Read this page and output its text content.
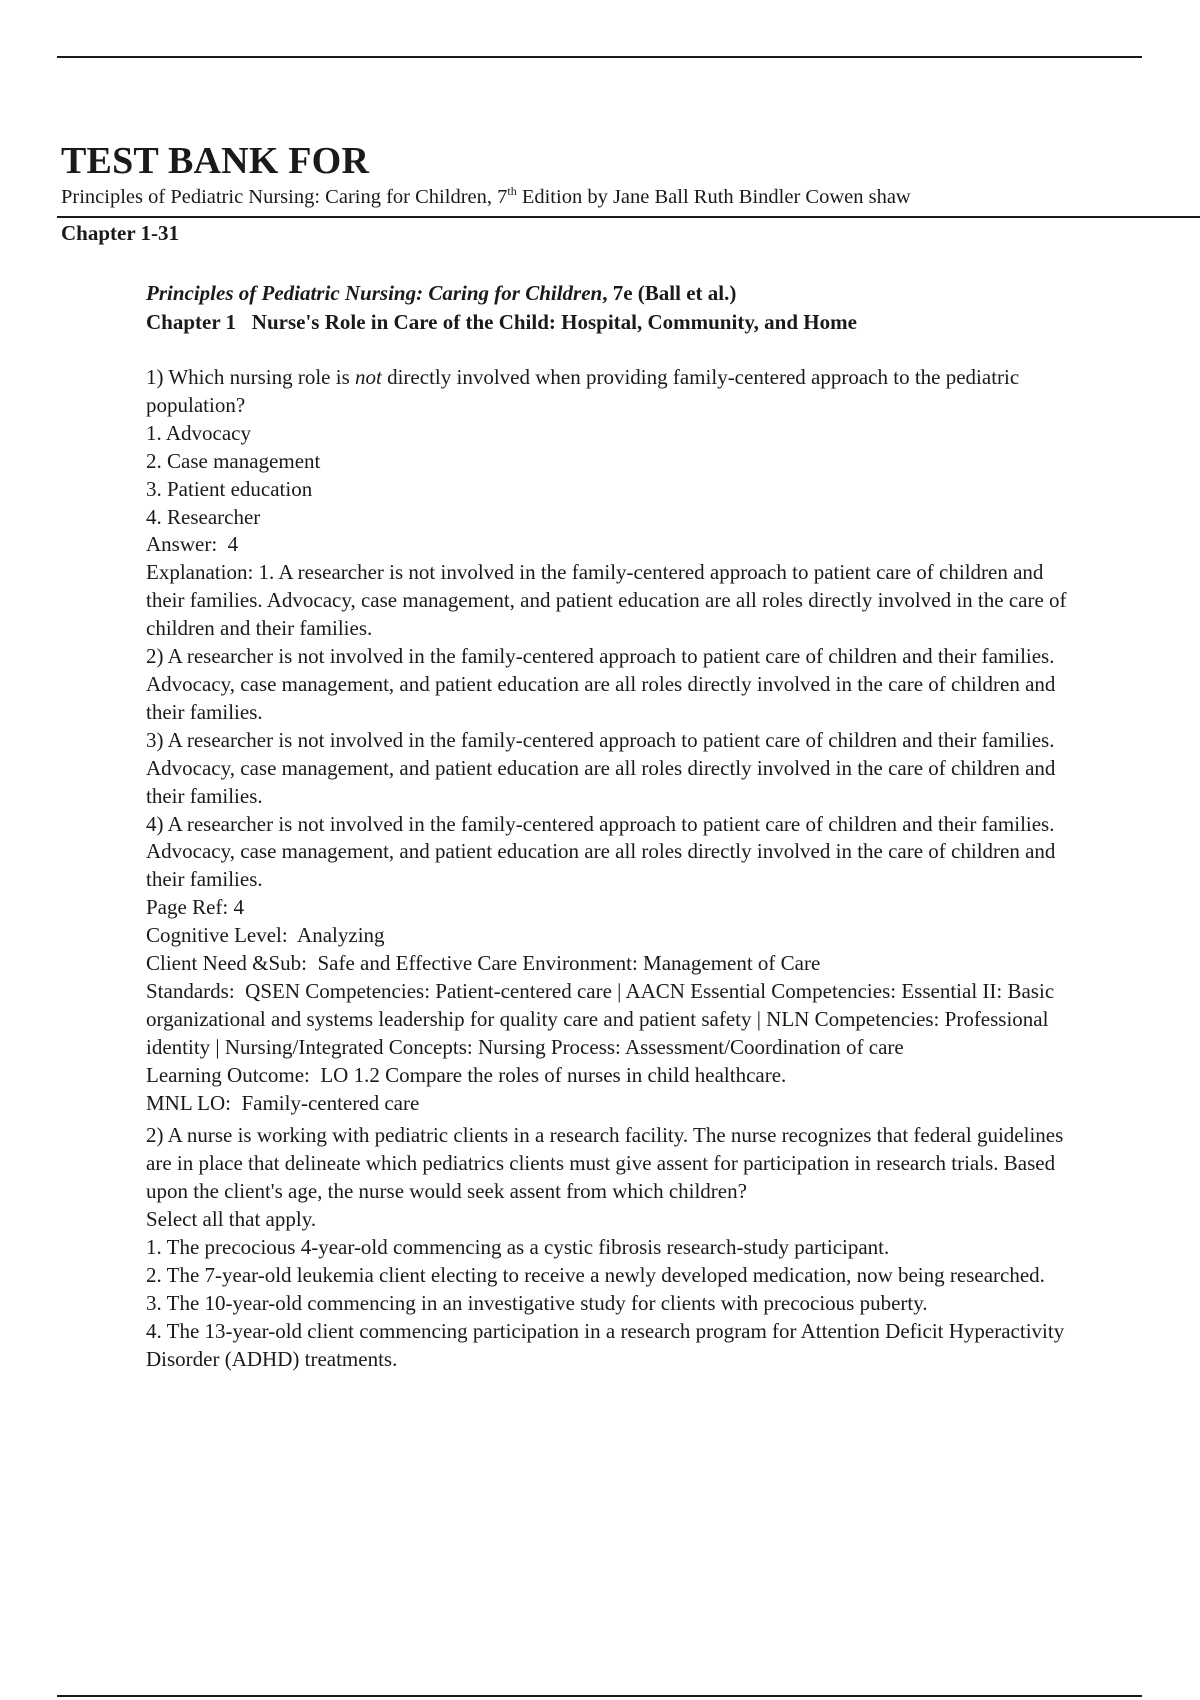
TEST BANK FOR

Principles of Pediatric Nursing: Caring for Children, 7th Edition by Jane Ball Ruth Bindler Cowen shaw

Chapter 1-31

Principles of Pediatric Nursing: Caring for Children, 7e (Ball et al.)
Chapter 1   Nurse's Role in Care of the Child: Hospital, Community, and Home

1) Which nursing role is not directly involved when providing family-centered approach to the pediatric population?

1. Advocacy

2. Case management

3. Patient education

4. Researcher

Answer:  4

Explanation: 1. A researcher is not involved in the family-centered approach to patient care of children and their families. Advocacy, case management, and patient education are all roles directly involved in the care of children and their families.

2) A researcher is not involved in the family-centered approach to patient care of children and their families. Advocacy, case management, and patient education are all roles directly involved in the care of children and their families.

3) A researcher is not involved in the family-centered approach to patient care of children and their families. Advocacy, case management, and patient education are all roles directly involved in the care of children and their families.

4) A researcher is not involved in the family-centered approach to patient care of children and their families. Advocacy, case management, and patient education are all roles directly involved in the care of children and their families.

Page Ref: 4

Cognitive Level:  Analyzing

Client Need &Sub:  Safe and Effective Care Environment: Management of Care

Standards:  QSEN Competencies: Patient-centered care | AACN Essential Competencies: Essential II: Basic organizational and systems leadership for quality care and patient safety | NLN Competencies: Professional identity | Nursing/Integrated Concepts: Nursing Process: Assessment/Coordination of care

Learning Outcome:  LO 1.2 Compare the roles of nurses in child healthcare.

MNL LO:  Family-centered care

2) A nurse is working with pediatric clients in a research facility. The nurse recognizes that federal guidelines are in place that delineate which pediatrics clients must give assent for participation in research trials. Based upon the client's age, the nurse would seek assent from which children?

Select all that apply.

1. The precocious 4-year-old commencing as a cystic fibrosis research-study participant.

2. The 7-year-old leukemia client electing to receive a newly developed medication, now being researched.

3. The 10-year-old commencing in an investigative study for clients with precocious puberty.

4. The 13-year-old client commencing participation in a research program for Attention Deficit Hyperactivity Disorder (ADHD) treatments.
